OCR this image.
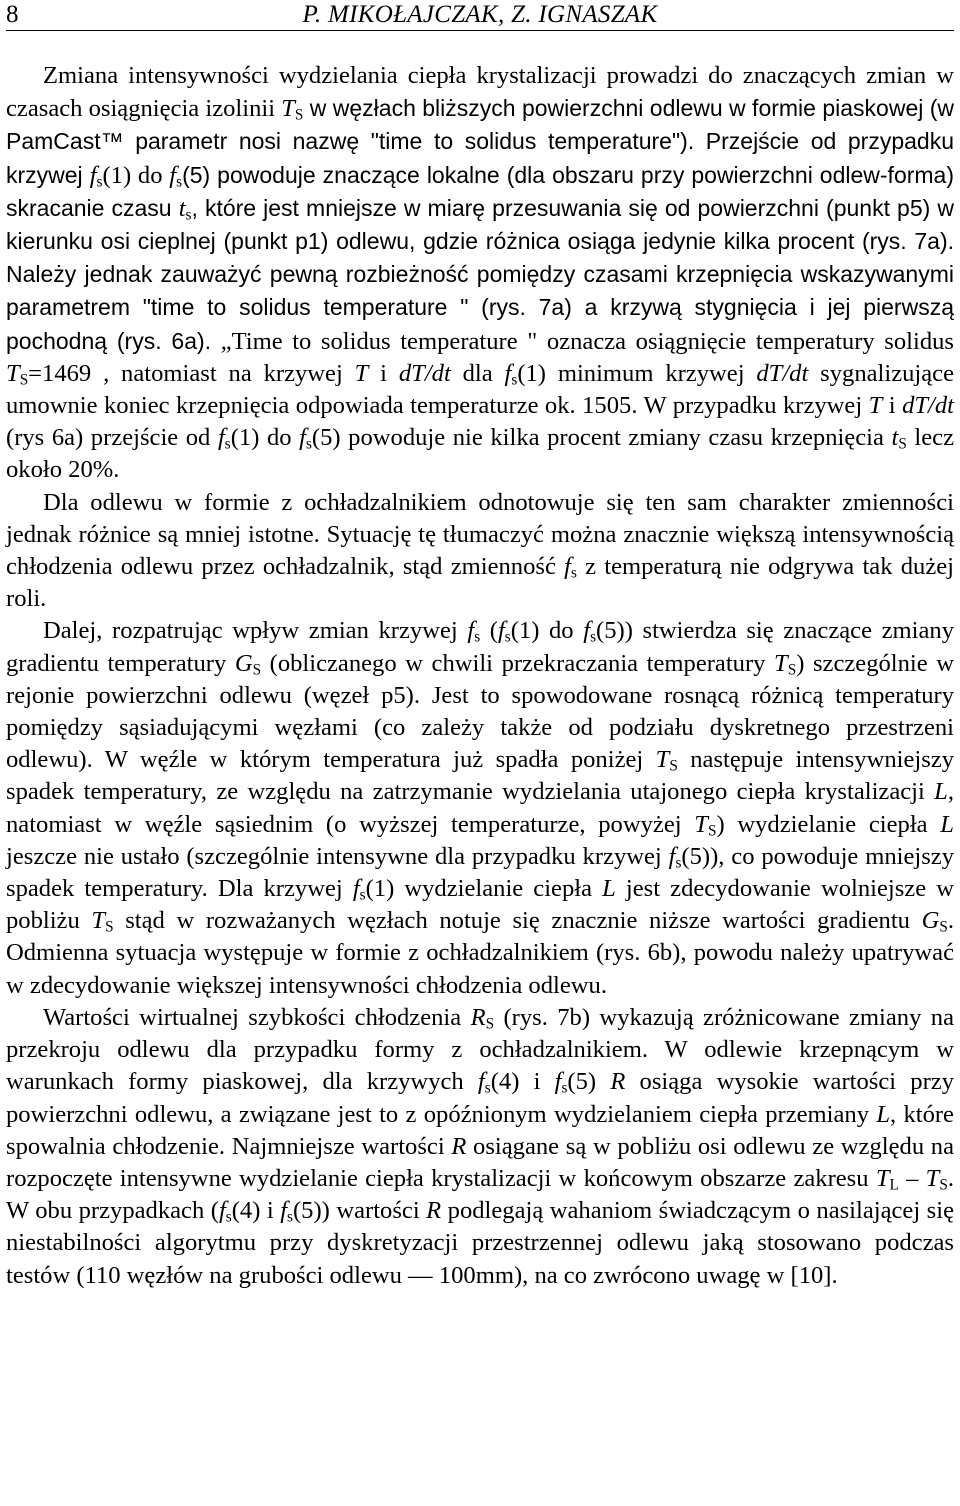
8	P. MIKOŁAJCZAK, Z. IGNASZAK

Zmiana intensywności wydzielania ciepła krystalizacji prowadzi do znaczących zmian w czasach osiągnięcia izolinii $T_S$ w węzłach bliższych powierzchni odlewu w formie piaskowej (w PamCast™ parametr nosi nazwę "time to solidus temperature"). Przejście od przypadku krzywej $f_s(1)$ do $f_s(5)$ powoduje znaczące lokalne (dla obszaru przy powierzchni odlew-forma) skracanie czasu $t_s$, które jest mniejsze w miarę przesuwania się od powierzchni (punkt p5) w kierunku osi cieplnej (punkt p1) odlewu, gdzie różnica osiąga jedynie kilka procent (rys. 7a). Należy jednak zauważyć pewną rozbieżność pomiędzy czasami krzepnięcia wskazywanymi parametrem "time to solidus temperature " (rys. 7a) a krzywą stygnięcia i jej pierwszą pochodną (rys. 6a). „Time to solidus temperature " oznacza osiągnięcie temperatury solidus $T_S=1469$ , natomiast na krzywej T i dT/dt dla $f_s(1)$ minimum krzywej dT/dt sygnalizujące umownie koniec krzepnięcia odpowiada temperaturze ok. 1505. W przypadku krzywej T i dT/dt (rys 6a) przejście od $f_s(1)$ do $f_s(5)$ powoduje nie kilka procent zmiany czasu krzepnięcia $t_S$ lecz około 20%.

Dla odlewu w formie z ochładzalnikiem odnotowuje się ten sam charakter zmienności jednak różnice są mniej istotne. Sytuację tę tłumaczyć można znacznie większą intensywnością chłodzenia odlewu przez ochładzalnik, stąd zmienność $f_s$ z temperaturą nie odgrywa tak dużej roli.

Dalej, rozpatrując wpływ zmian krzywej $f_s$ ($f_s(1)$ do $f_s(5)$) stwierdza się znaczące zmiany gradientu temperatury $G_S$ (obliczanego w chwili przekraczania temperatury $T_S$) szczególnie w rejonie powierzchni odlewu (węzeł p5). Jest to spowodowane rosnącą różnicą temperatury pomiędzy sąsiadującymi węzłami (co zależy także od podziału dyskretnego przestrzeni odlewu). W węźle w którym temperatura już spadła poniżej $T_S$ następuje intensywniejszy spadek temperatury, ze względu na zatrzymanie wydzielania utajonego ciepła krystalizacji L, natomiast w węźle sąsiednim (o wyższej temperaturze, powyżej $T_S$) wydzielanie ciepła L jeszcze nie ustało (szczególnie intensywne dla przypadku krzywej $f_s(5)$), co powoduje mniejszy spadek temperatury. Dla krzywej $f_s(1)$ wydzielanie ciepła L jest zdecydowanie wolniejsze w pobliżu $T_S$ stąd w rozważanych węzłach notuje się znacznie niższe wartości gradientu $G_S$. Odmienna sytuacja występuje w formie z ochładzalnikiem (rys. 6b), powodu należy upatrywać w zdecydowanie większej intensywności chłodzenia odlewu.

Wartości wirtualnej szybkości chłodzenia $R_S$ (rys. 7b) wykazują zróżnicowane zmiany na przekroju odlewu dla przypadku formy z ochładzalnikiem. W odlewie krzepnącym w warunkach formy piaskowej, dla krzywych $f_s(4)$ i $f_s(5)$ R osiąga wysokie wartości przy powierzchni odlewu, a związane jest to z opóźnionym wydzielaniem ciepła przemiany L, które spowalnia chłodzenie. Najmniejsze wartości R osiągane są w pobliżu osi odlewu ze względu na rozpoczęte intensywne wydzielanie ciepła krystalizacji w końcowym obszarze zakresu $T_L - T_S$. W obu przypadkach ($f_s(4)$ i $f_s(5)$) wartości R podlegają wahaniom świadczącym o nasilającej się niestabilności algorytmu przy dyskretyzacji przestrzennej odlewu jaką stosowano podczas testów (110 węzłów na grubości odlewu — 100mm), na co zwrócono uwagę w [10].
